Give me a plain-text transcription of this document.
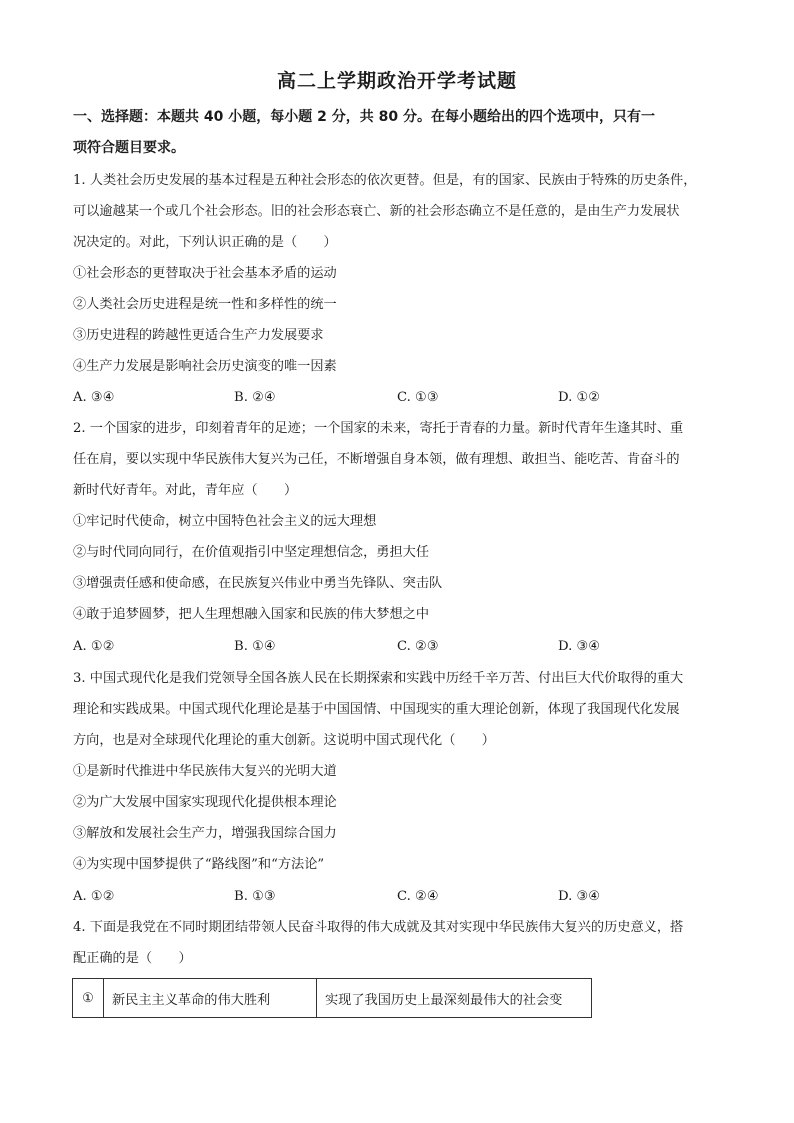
高二上学期政治开学考试题
一、选择题：本题共 40 小题，每小题 2 分，共 80 分。在每小题给出的四个选项中，只有一
项符合题目要求。
1. 人类社会历史发展的基本过程是五种社会形态的依次更替。但是，有的国家、民族由于特殊的历史条件，
可以逾越某一个或几个社会形态。旧的社会形态衰亡、新的社会形态确立不是任意的，是由生产力发展状
况决定的。对此，下列认识正确的是（　　）
①社会形态的更替取决于社会基本矛盾的运动
②人类社会历史进程是统一性和多样性的统一
③历史进程的跨越性更适合生产力发展要求
④生产力发展是影响社会历史演变的唯一因素
A. ③④	B. ②④	C. ①③	D. ①②
2. 一个国家的进步，印刻着青年的足迹；一个国家的未来，寄托于青春的力量。新时代青年生逢其时、重
任在肩，要以实现中华民族伟大复兴为己任，不断增强自身本领，做有理想、敢担当、能吃苦、肯奋斗的
新时代好青年。对此，青年应（　　）
①牢记时代使命，树立中国特色社会主义的远大理想
②与时代同向同行，在价值观指引中坚定理想信念，勇担大任
③增强责任感和使命感，在民族复兴伟业中勇当先锋队、突击队
④敢于追梦圆梦，把人生理想融入国家和民族的伟大梦想之中
A. ①②	B. ①④	C. ②③	D. ③④
3. 中国式现代化是我们党领导全国各族人民在长期探索和实践中历经千辛万苦、付出巨大代价取得的重大
理论和实践成果。中国式现代化理论是基于中国国情、中国现实的重大理论创新，体现了我国现代化发展
方向，也是对全球现代化理论的重大创新。这说明中国式现代化（　　）
①是新时代推进中华民族伟大复兴的光明大道
②为广大发展中国家实现现代化提供根本理论
③解放和发展社会生产力，增强我国综合国力
④为实现中国梦提供了“路线图”和“方法论”
A. ①②	B. ①③	C. ②④	D. ③④
4. 下面是我党在不同时期团结带领人民奋斗取得的伟大成就及其对实现中华民族伟大复兴的历史意义，搭
配正确的是（　　）
①	新民主主义革命的伟大胜利	实现了我国历史上最深刻最伟大的社会变
